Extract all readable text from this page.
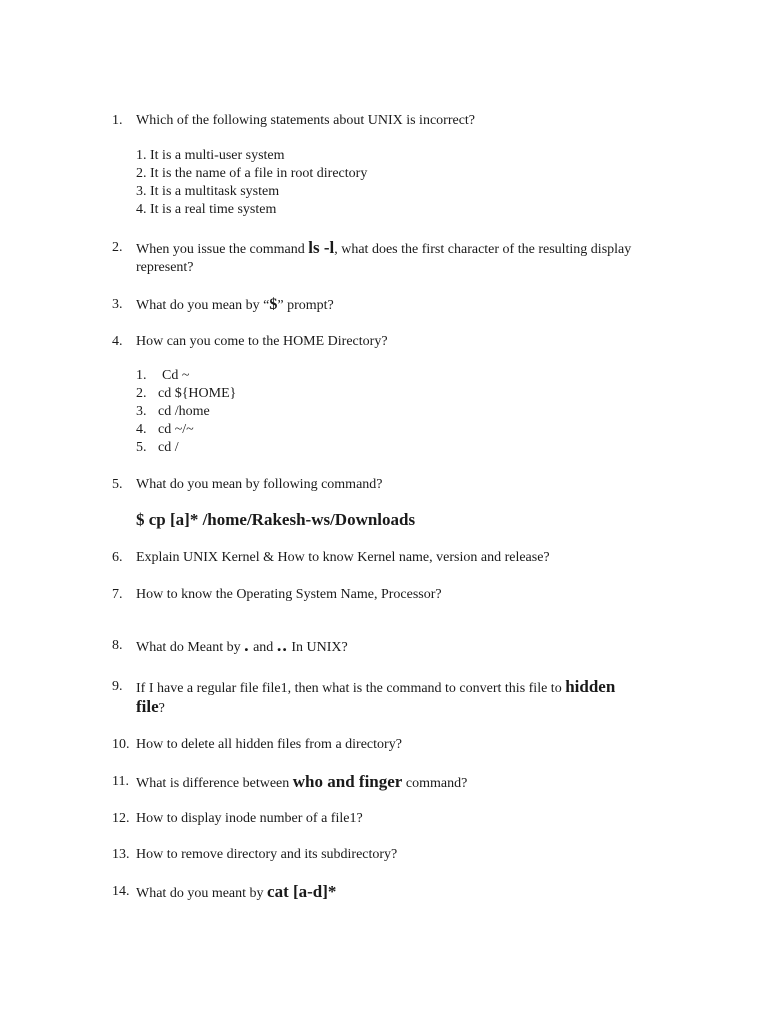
1. Which of the following statements about UNIX is incorrect?
1. It is a multi-user system
2. It is the name of a file in root directory
3. It is a multitask system
4. It is a real time system
2. When you issue the command ls -l, what does the first character of the resulting display
represent?
3. What do you mean by “$” prompt?
4. How can you come to the HOME Directory?
1. Cd ~
2. cd ${HOME}
3. cd /home
4. cd ~/~
5. cd /
5. What do you mean by following command?
$ cp [a]* /home/Rakesh-ws/Downloads
6. Explain UNIX Kernel & How to know Kernel name, version and release?
7. How to know the Operating System Name, Processor?
8. What do Meant by . and .. In UNIX?
9. If I have a regular file file1, then what is the command to convert this file to hidden
file?
10. How to delete all hidden files from a directory?
11. What is difference between who and finger command?
12. How to display inode number of a file1?
13. How to remove directory and its subdirectory?
14. What do you meant by cat [a-d]*
